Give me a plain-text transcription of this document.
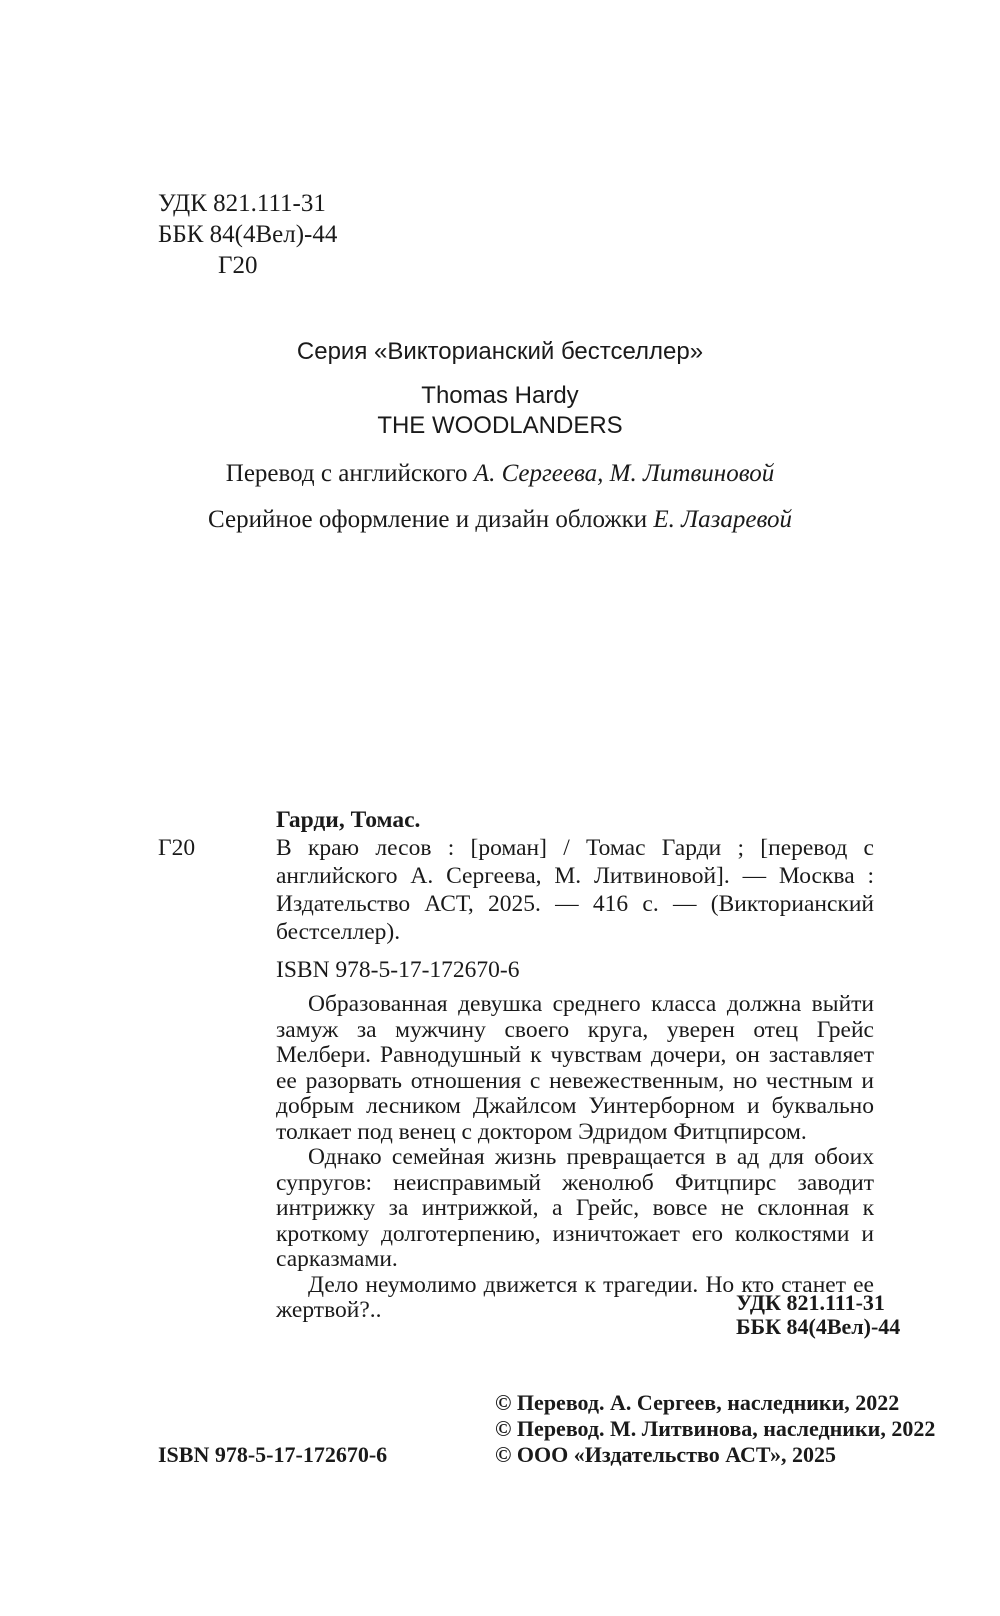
УДК 821.111-31
ББК 84(4Вел)-44
Г20
Серия «Викторианский бестселлер»
Thomas Hardy
THE WOODLANDERS
Перевод с английского А. Сергеева, М. Литвиновой
Серийное оформление и дизайн обложки Е. Лазаревой
Г20

Гарди, Томас.

В краю лесов : [роман] / Томас Гарди ; [перевод с английского А. Сергеева, М. Литвиновой]. — Москва : Издательство АСТ, 2025. — 416 с. — (Викторианский бестселлер).

ISBN 978-5-17-172670-6

Образованная девушка среднего класса должна выйти замуж за мужчину своего круга, уверен отец Грейс Мелбери. Равнодушный к чувствам дочери, он заставляет ее разорвать отношения с невежественным, но честным и добрым лесником Джайлсом Уинтерборном и буквально толкает под венец с доктором Эдридом Фитцпирсом.

Однако семейная жизнь превращается в ад для обоих супругов: неисправимый женолюб Фитцпирс заводит интрижку за интрижкой, а Грейс, вовсе не склонная к кроткому долготерпению, изничтожает его колкостями и сарказмами.

Дело неумолимо движется к трагедии. Но кто станет ее жертвой?..	УДК 821.111-31
ББК 84(4Вел)-44
© Перевод. А. Сергеев, наследники, 2022
© Перевод. М. Литвинова, наследники, 2022
© ООО «Издательство АСТ», 2025
ISBN 978-5-17-172670-6
